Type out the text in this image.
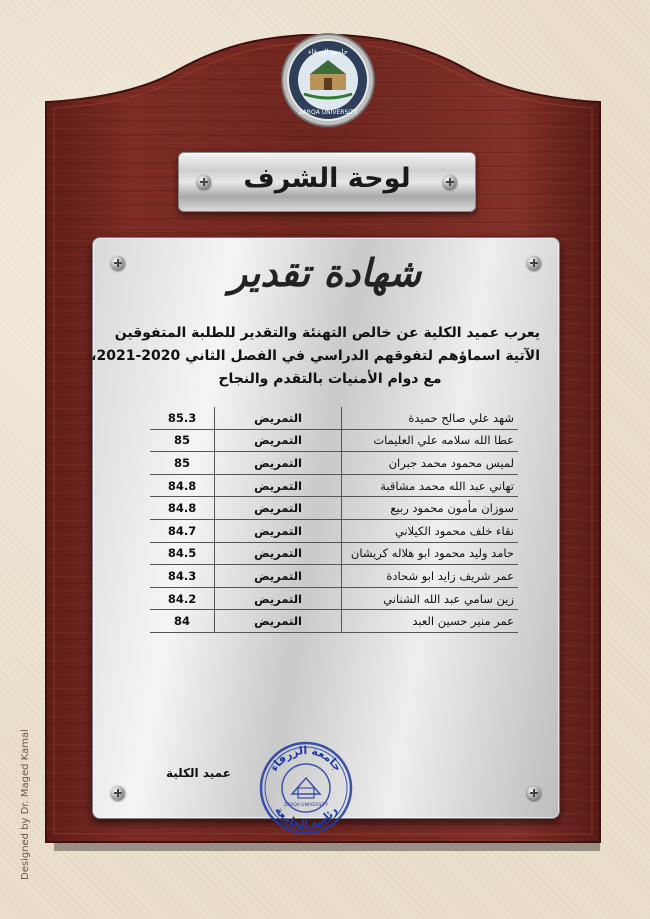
Designed by Dr. Maged Kamal
جامعة الزرقاء
ZARQA UNIVERSITY
لوحة الشرف
شهادة تقدير
يعرب عميد الكلية عن خالص التهنئة والتقدير للطلبة المتفوقين
الآتية اسماؤهم لتفوقهم الدراسي في الفصل الثاني 2020-2021،
مع دوام الأمنيات بالتقدم والنجاح
شهد علي صالح حميدة	التمريض	85.3
عطا الله سلامه علي العليمات	التمريض	85
لميس محمود محمد جبران	التمريض	85
تهاني عبد الله محمد مشاقبة	التمريض	84.8
سوزان مأمون محمود ربيع	التمريض	84.8
نقاء خلف محمود الكيلاني	التمريض	84.7
حامد وليد محمود ابو هلاله كريشان	التمريض	84.5
عمر شريف زايد ابو شحادة	التمريض	84.3
زين سامي عبد الله الشناني	التمريض	84.2
عمر منير حسين العبد	التمريض	84
جامعة الزرقاء
رئاسة الجامعة
ZARQA UNIVERSITY
عميد الكلية
